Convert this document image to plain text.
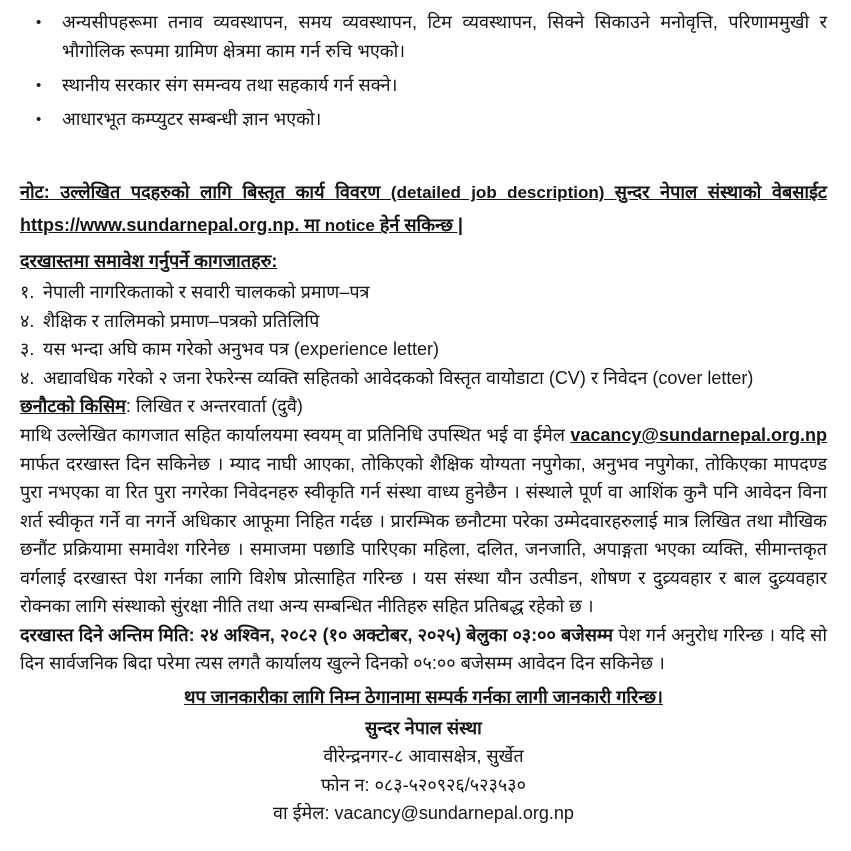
•	अन्यसीपहरूमा तनाव व्यवस्थापन, समय व्यवस्थापन, टिम व्यवस्थापन, सिक्ने सिकाउने मनोवृत्ति, परिणाममुखी र भौगोलिक रूपमा ग्रामिण क्षेत्रमा काम गर्न रुचि भएको।
•	स्थानीय सरकार संग समन्वय तथा सहकार्य गर्न सक्ने।
•	आधारभूत कम्प्युटर सम्बन्धी ज्ञान भएको।

नोट: उल्लेखित पदहरुको लागि बिस्तृत कार्य विवरण (detailed job description) सुन्दर नेपाल संस्थाको वेबसाईट https://www.sundarnepal.org.np. मा notice हेर्न सकिन्छ |

दरखास्तमा समावेश गर्नुपर्ने कागजातहरु:
१. नेपाली नागरिकताको र सवारी चालकको प्रमाण–पत्र
४. शैक्षिक र तालिमको प्रमाण–पत्रको प्रतिलिपि
३. यस भन्दा अघि काम गरेको अनुभव पत्र (experience letter)
४. अद्यावधिक गरेको २ जना रेफरेन्स व्यक्ति सहितको आवेदकको विस्तृत वायोडाटा (CV) र निवेदन (cover letter)

छनौटको किसिम: लिखित र अन्तरवार्ता (दुवै)

माथि उल्लेखित कागजात सहित कार्यालयमा स्वयम् वा प्रतिनिधि उपस्थित भई वा ईमेल vacancy@sundarnepal.org.np मार्फत दरखास्त दिन सकिनेछ । म्याद नाघी आएका, तोकिएको शैक्षिक योग्यता नपुगेका, अनुभव नपुगेका, तोकिएका मापदण्ड पुरा नभएका वा रित पुरा नगरेका निवेदनहरु स्वीकृति गर्न संस्था वाध्य हुनेछैन । संस्थाले पूर्ण वा आशिंक कुनै पनि आवेदन विना शर्त स्वीकृत गर्ने वा नगर्ने अधिकार आफूमा निहित गर्दछ । प्रारम्भिक छनौटमा परेका उम्मेदवारहरुलाई मात्र लिखित तथा मौखिक छनौंट प्रक्रियामा समावेश गरिनेछ । समाजमा पछाडि पारिएका महिला, दलित, जनजाति, अपाङ्गता भएका व्यक्ति, सीमान्तकृत वर्गलाई दरखास्त पेश गर्नका लागि विशेष प्रोत्साहित गरिन्छ । यस संस्था यौन उत्पीडन, शोषण र दुव्र्यवहार र बाल दुव्र्यवहार रोक्नका लागि संस्थाको सुंरक्षा नीति तथा अन्य सम्बन्धित नीतिहरु सहित प्रतिबद्ध रहेको छ ।

दरखास्त दिने अन्तिम मिति: २४ अश्विन, २०८२ (१० अक्टोबर, २०२५) बेलुका ०३:०० बजेसम्म पेश गर्न अनुरोध गरिन्छ । यदि सो दिन सार्वजनिक बिदा परेमा त्यस लगतै कार्यालय खुल्ने दिनको ०५:०० बजेसम्म आवेदन दिन सकिनेछ ।

थप जानकारीका लागि निम्न ठेगानामा सम्पर्क गर्नका लागी जानकारी गरिन्छ।

सुन्दर नेपाल संस्था
वीरेन्द्रनगर-८ आवासक्षेत्र, सुर्खेत
फोन न: ०८३-५२०९२६/५२३५३०
वा ईमेल: vacancy@sundarnepal.org.np
